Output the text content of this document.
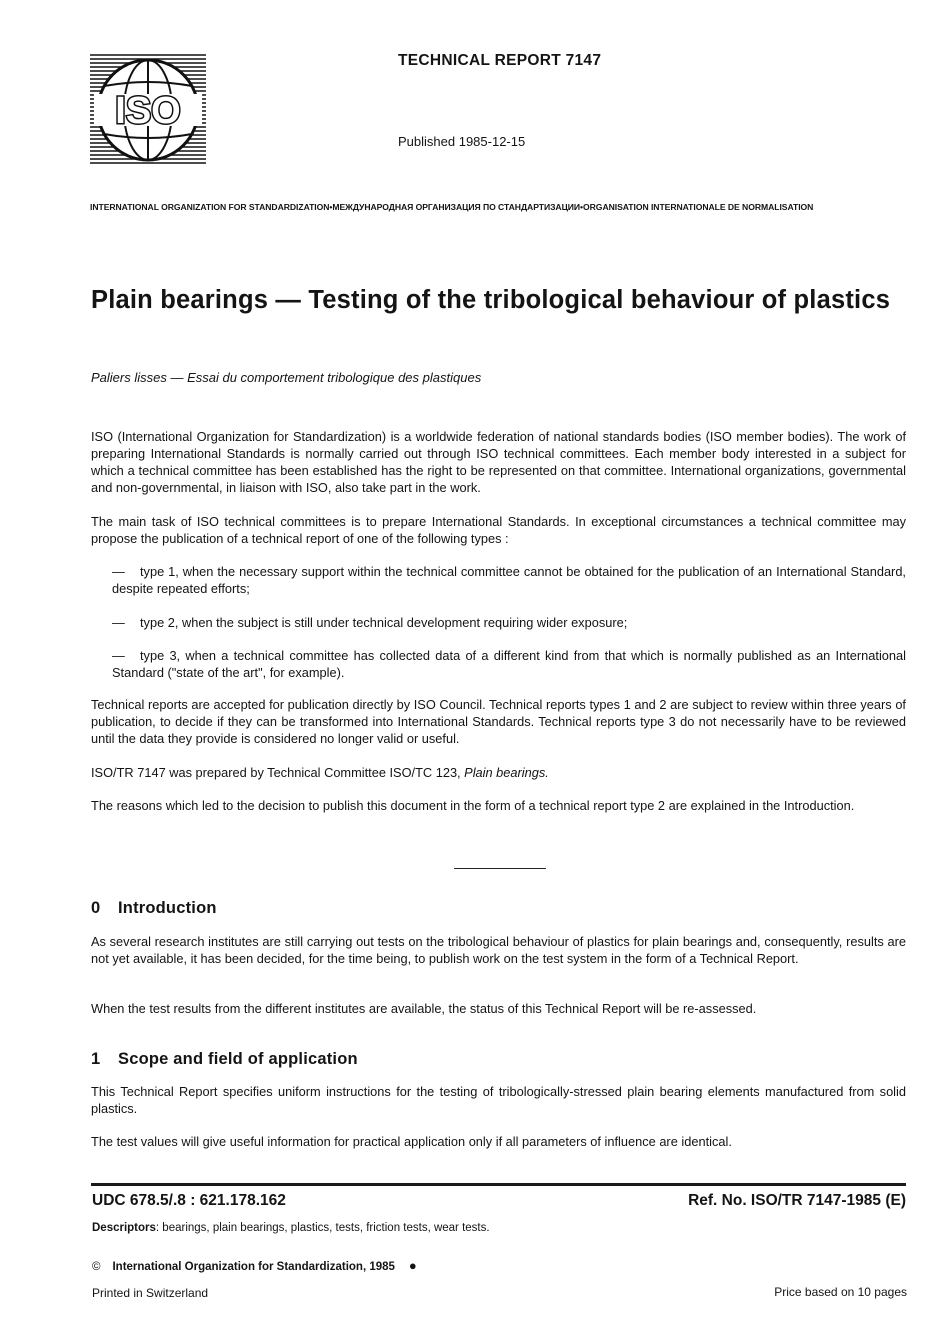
ISO
TECHNICAL REPORT 7147
Published 1985-12-15
INTERNATIONAL ORGANIZATION FOR STANDARDIZATION•МЕЖДУНАРОДНАЯ ОРГАНИЗАЦИЯ ПО СТАНДАРТИЗАЦИИ•ORGANISATION INTERNATIONALE DE NORMALISATION
Plain bearings — Testing of the tribological behaviour of plastics
Paliers lisses — Essai du comportement tribologique des plastiques
ISO (International Organization for Standardization) is a worldwide federation of national standards bodies (ISO member bodies). The work of preparing International Standards is normally carried out through ISO technical committees. Each member body interested in a subject for which a technical committee has been established has the right to be represented on that committee. International organizations, governmental and non-governmental, in liaison with ISO, also take part in the work.
The main task of ISO technical committees is to prepare International Standards. In exceptional circumstances a technical committee may propose the publication of a technical report of one of the following types :
— type 1, when the necessary support within the technical committee cannot be obtained for the publication of an International Standard, despite repeated efforts;
— type 2, when the subject is still under technical development requiring wider exposure;
— type 3, when a technical committee has collected data of a different kind from that which is normally published as an International Standard ("state of the art", for example).
Technical reports are accepted for publication directly by ISO Council. Technical reports types 1 and 2 are subject to review within three years of publication, to decide if they can be transformed into International Standards. Technical reports type 3 do not necessarily have to be reviewed until the data they provide is considered no longer valid or useful.
ISO/TR 7147 was prepared by Technical Committee ISO/TC 123, Plain bearings.
The reasons which led to the decision to publish this document in the form of a technical report type 2 are explained in the Introduction.
0 Introduction
As several research institutes are still carrying out tests on the tribological behaviour of plastics for plain bearings and, consequently, results are not yet available, it has been decided, for the time being, to publish work on the test system in the form of a Technical Report.
When the test results from the different institutes are available, the status of this Technical Report will be re-assessed.
1 Scope and field of application
This Technical Report specifies uniform instructions for the testing of tribologically-stressed plain bearing elements manufactured from solid plastics.
The test values will give useful information for practical application only if all parameters of influence are identical.
UDC 678.5/.8 : 621.178.162	Ref. No. ISO/TR 7147-1985 (E)
Descriptors: bearings, plain bearings, plastics, tests, friction tests, wear tests.
© International Organization for Standardization, 1985 ●
Printed in Switzerland	Price based on 10 pages
